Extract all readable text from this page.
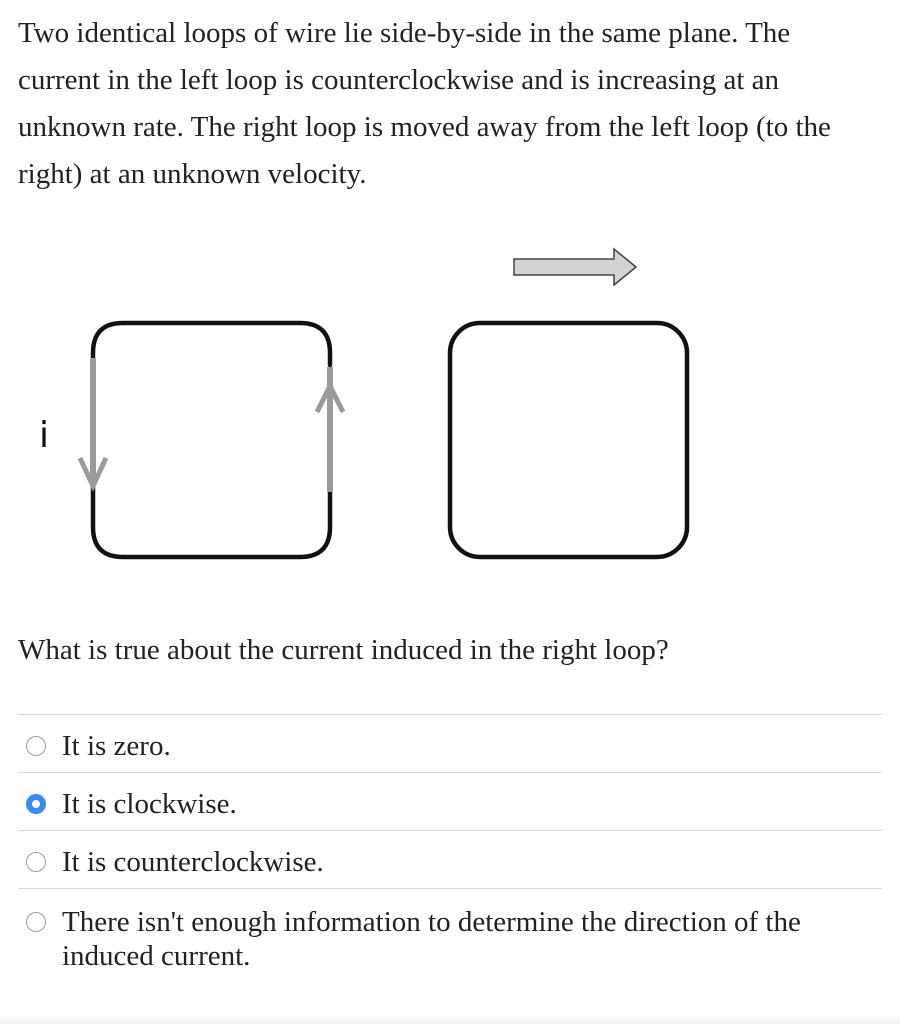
Two identical loops of wire lie side-by-side in the same plane. The current in the left loop is counterclockwise and is increasing at an unknown rate. The right loop is moved away from the left loop (to the right) at an unknown velocity.
i
What is true about the current induced in the right loop?
It is zero.
It is clockwise.
It is counterclockwise.
There isn't enough information to determine the direction of the induced current.
